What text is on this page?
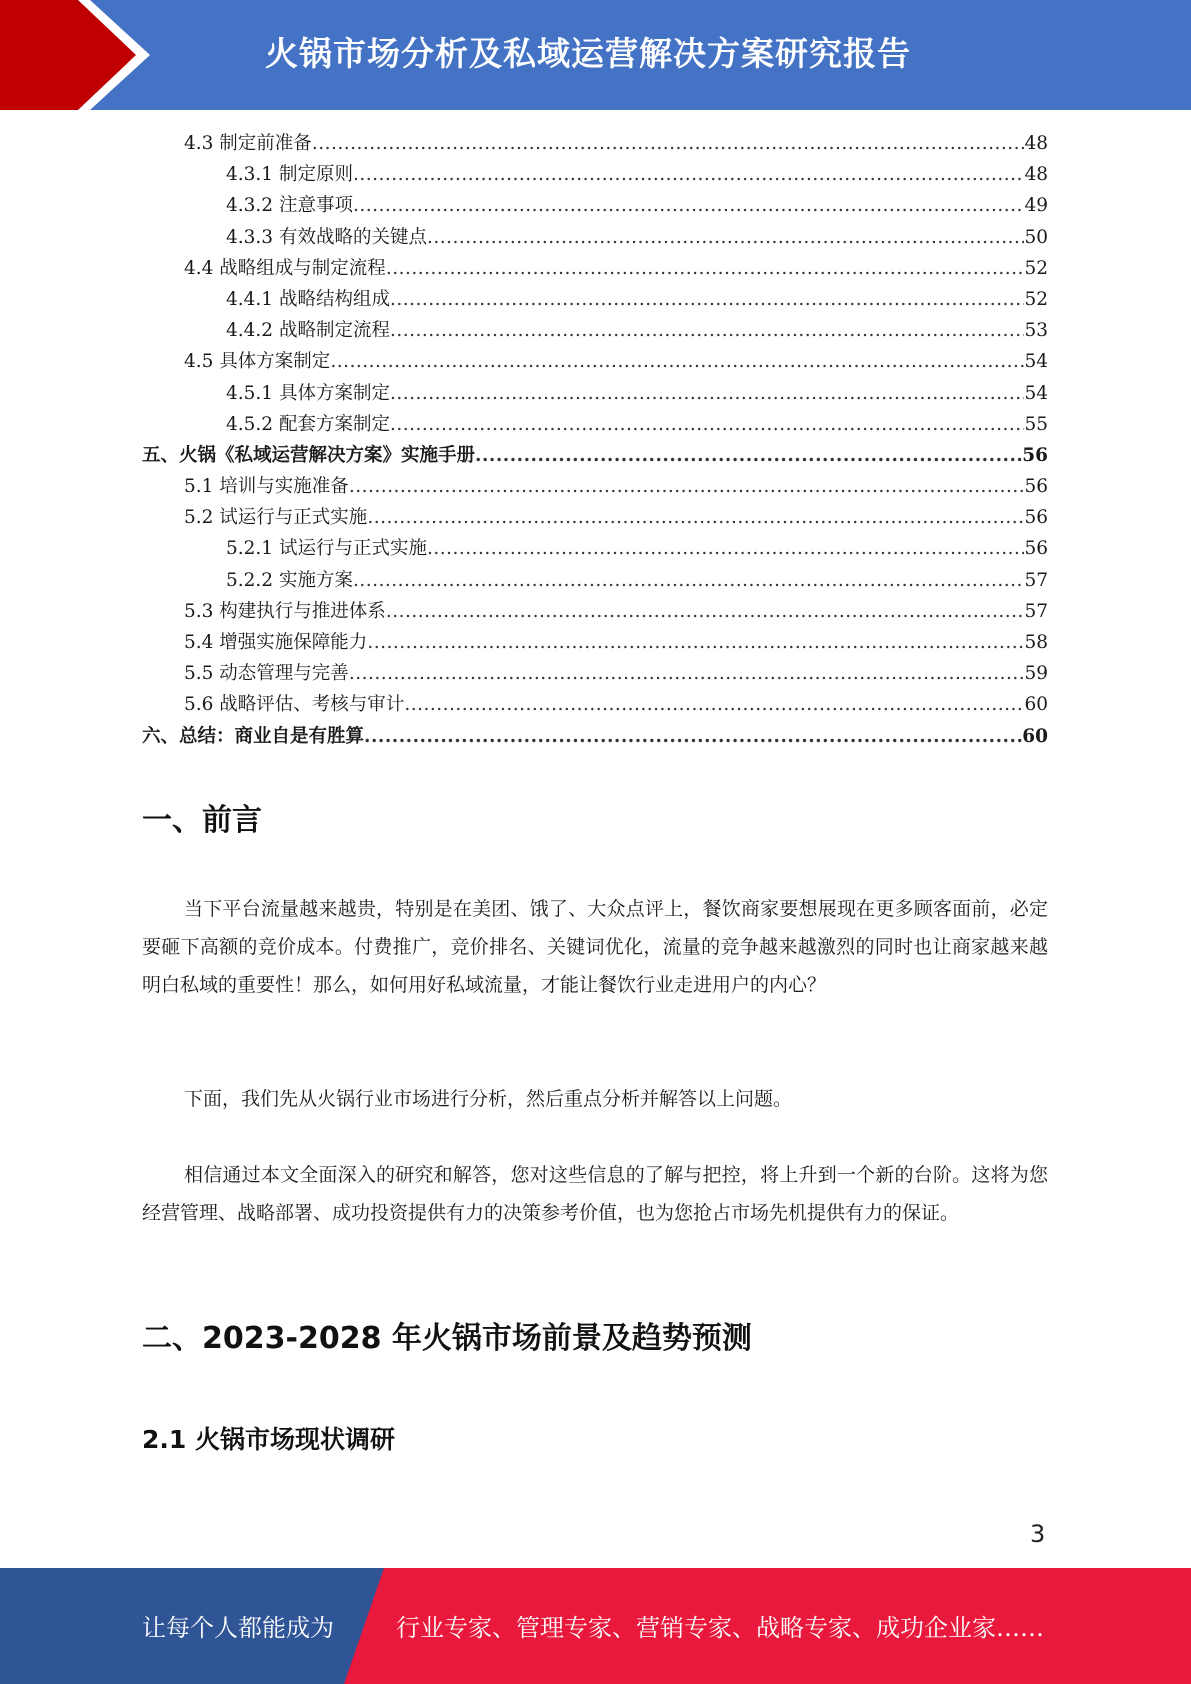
火锅市场分析及私域运营解决方案研究报告
4.3 制定前准备 .....	48
4.3.1 制定原则 .....	48
4.3.2 注意事项 .....	49
4.3.3 有效战略的关键点 .....	50
4.4 战略组成与制定流程 .....	52
4.4.1 战略结构组成 .....	52
4.4.2 战略制定流程 .....	53
4.5 具体方案制定 .....	54
4.5.1 具体方案制定 .....	54
4.5.2 配套方案制定 .....	55
五、火锅《私域运营解决方案》实施手册 .....	56
5.1 培训与实施准备 .....	56
5.2 试运行与正式实施 .....	56
5.2.1 试运行与正式实施 .....	56
5.2.2 实施方案 .....	57
5.3 构建执行与推进体系 .....	57
5.4 增强实施保障能力 .....	58
5.5 动态管理与完善 .....	59
5.6 战略评估、考核与审计 .....	60
六、总结：商业自是有胜算 .....	60
一、前言

当下平台流量越来越贵，特别是在美团、饿了、大众点评上，餐饮商家要想展现在更多顾客面前，必定要砸下高额的竞价成本。付费推广，竞价排名、关键词优化，流量的竞争越来越激烈的同时也让商家越来越明白私域的重要性！那么，如何用好私域流量，才能让餐饮行业走进用户的内心？

下面，我们先从火锅行业市场进行分析，然后重点分析并解答以上问题。

相信通过本文全面深入的研究和解答，您对这些信息的了解与把控，将上升到一个新的台阶。这将为您经营管理、战略部署、成功投资提供有力的决策参考价值，也为您抢占市场先机提供有力的保证。

二、2023-2028 年火锅市场前景及趋势预测
2.1 火锅市场现状调研
3
让每个人都能成为	行业专家、管理专家、营销专家、战略专家、成功企业家……
